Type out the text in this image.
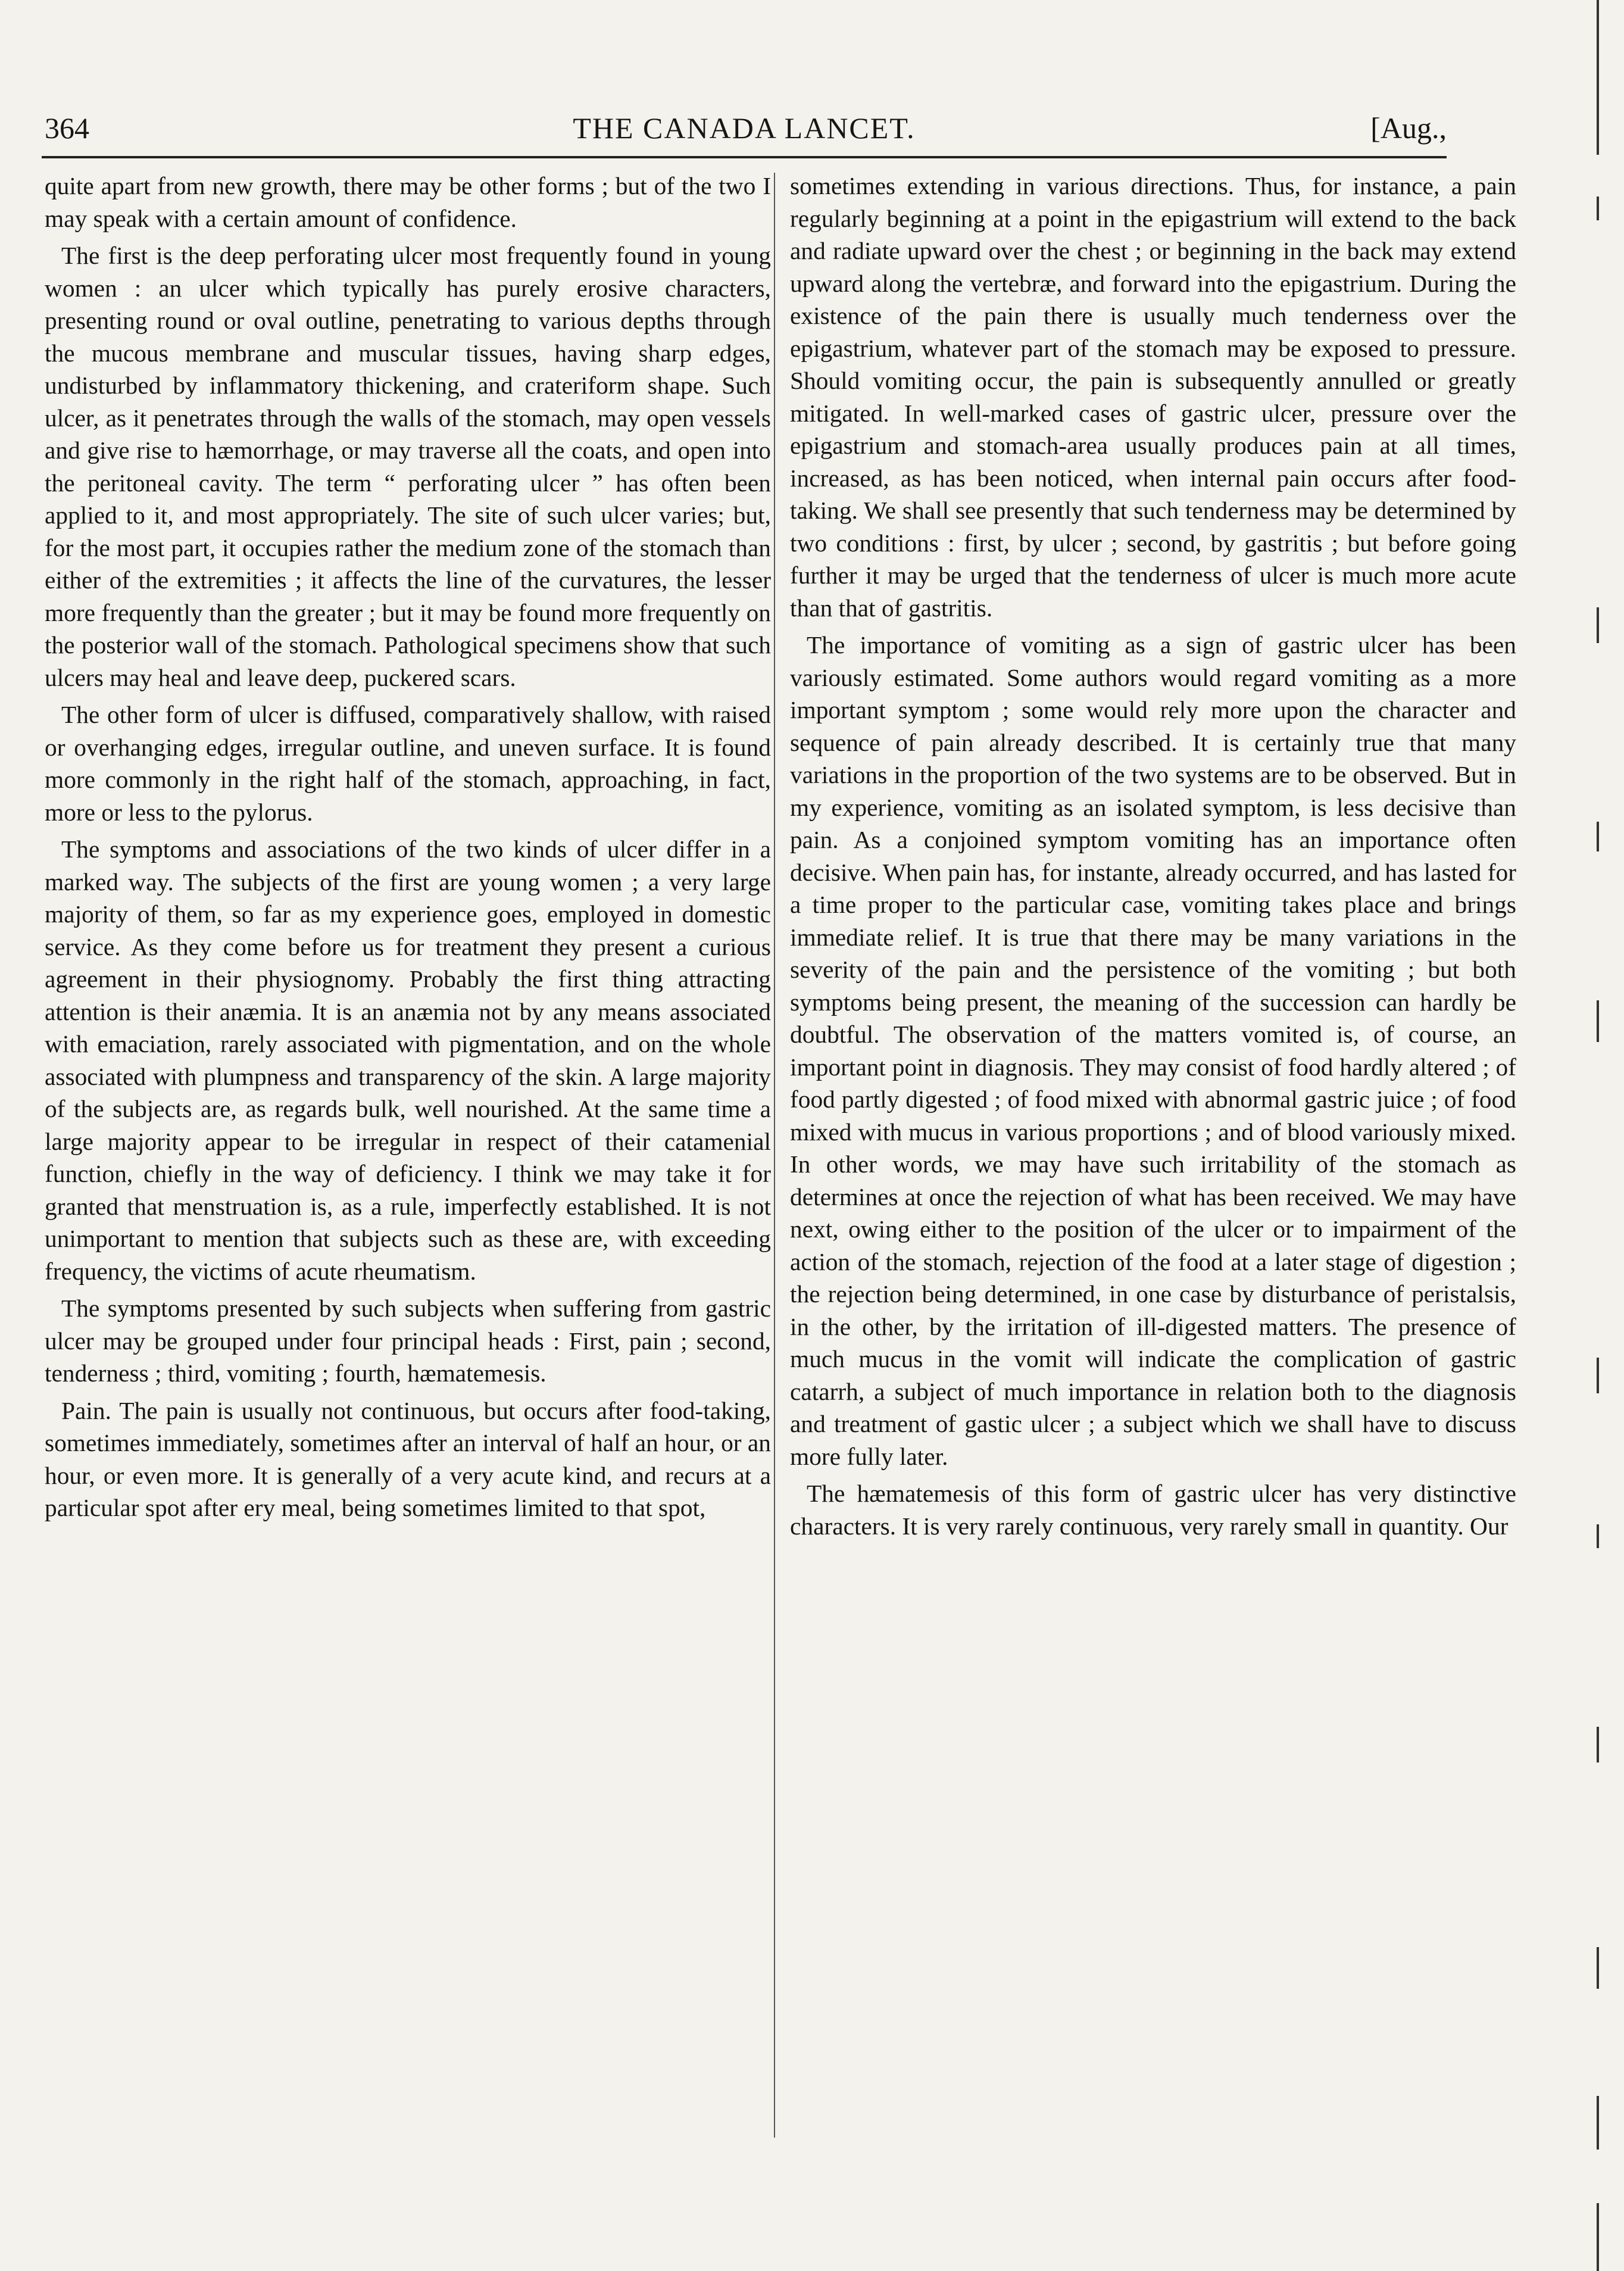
364	THE CANADA LANCET.	[Aug.,

quite apart from new growth, there may be other forms ; but of the two I may speak with a certain amount of confidence.

The first is the deep perforating ulcer most frequently found in young women : an ulcer which typically has purely erosive characters, presenting round or oval outline, penetrating to various depths through the mucous membrane and muscular tissues, having sharp edges, undisturbed by inflammatory thickening, and crateriform shape. Such ulcer, as it penetrates through the walls of the stomach, may open vessels and give rise to hæmorrhage, or may traverse all the coats, and open into the peritoneal cavity. The term “ perforating ulcer ” has often been applied to it, and most appropriately. The site of such ulcer varies; but, for the most part, it occupies rather the medium zone of the stomach than either of the extremities ; it affects the line of the curvatures, the lesser more frequently than the greater ; but it may be found more frequently on the posterior wall of the stomach. Pathological specimens show that such ulcers may heal and leave deep, puckered scars.

The other form of ulcer is diffused, comparatively shallow, with raised or overhanging edges, irregular outline, and uneven surface. It is found more commonly in the right half of the stomach, approaching, in fact, more or less to the pylorus.

The symptoms and associations of the two kinds of ulcer differ in a marked way. The subjects of the first are young women ; a very large majority of them, so far as my experience goes, employed in domestic service. As they come before us for treatment they present a curious agreement in their physiognomy. Probably the first thing attracting attention is their anæmia. It is an anæmia not by any means associated with emaciation, rarely associated with pigmentation, and on the whole associated with plumpness and transparency of the skin. A large majority of the subjects are, as regards bulk, well nourished. At the same time a large majority appear to be irregular in respect of their catamenial function, chiefly in the way of deficiency. I think we may take it for granted that menstruation is, as a rule, imperfectly established. It is not unimportant to mention that subjects such as these are, with exceeding frequency, the victims of acute rheumatism.

The symptoms presented by such subjects when suffering from gastric ulcer may be grouped under four principal heads : First, pain ; second, tenderness ; third, vomiting ; fourth, hæmatemesis.

Pain. The pain is usually not continuous, but occurs after food-taking, sometimes immediately, sometimes after an interval of half an hour, or an hour, or even more. It is generally of a very acute kind, and recurs at a particular spot after ery meal, being sometimes limited to that spot,

sometimes extending in various directions. Thus, for instance, a pain regularly beginning at a point in the epigastrium will extend to the back and radiate upward over the chest ; or beginning in the back may extend upward along the vertebræ, and forward into the epigastrium. During the existence of the pain there is usually much tenderness over the epigastrium, whatever part of the stomach may be exposed to pressure. Should vomiting occur, the pain is subsequently annulled or greatly mitigated. In well-marked cases of gastric ulcer, pressure over the epigastrium and stomach-area usually produces pain at all times, increased, as has been noticed, when internal pain occurs after food-taking. We shall see presently that such tenderness may be determined by two conditions : first, by ulcer ; second, by gastritis ; but before going further it may be urged that the tenderness of ulcer is much more acute than that of gastritis.

The importance of vomiting as a sign of gastric ulcer has been variously estimated. Some authors would regard vomiting as a more important symptom ; some would rely more upon the character and sequence of pain already described. It is certainly true that many variations in the proportion of the two systems are to be observed. But in my experience, vomiting as an isolated symptom, is less decisive than pain. As a conjoined symptom vomiting has an importance often decisive. When pain has, for instante, already occurred, and has lasted for a time proper to the particular case, vomiting takes place and brings immediate relief. It is true that there may be many variations in the severity of the pain and the persistence of the vomiting ; but both symptoms being present, the meaning of the succession can hardly be doubtful. The observation of the matters vomited is, of course, an important point in diagnosis. They may consist of food hardly altered ; of food partly digested ; of food mixed with abnormal gastric juice ; of food mixed with mucus in various proportions ; and of blood variously mixed. In other words, we may have such irritability of the stomach as determines at once the rejection of what has been received. We may have next, owing either to the position of the ulcer or to impairment of the action of the stomach, rejection of the food at a later stage of digestion ; the rejection being determined, in one case by disturbance of peristalsis, in the other, by the irritation of ill-digested matters. The presence of much mucus in the vomit will indicate the complication of gastric catarrh, a subject of much importance in relation both to the diagnosis and treatment of gastic ulcer ; a subject which we shall have to discuss more fully later.

The hæmatemesis of this form of gastric ulcer has very distinctive characters. It is very rarely continuous, very rarely small in quantity. Our
